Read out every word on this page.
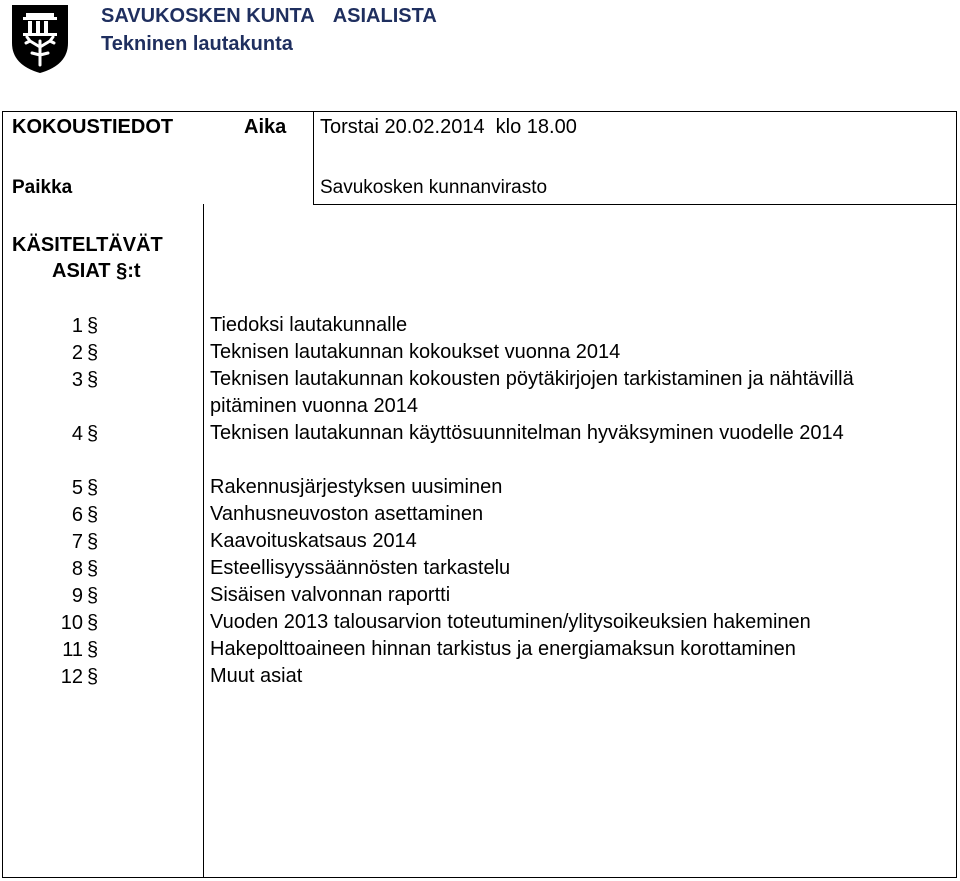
SAVUKOSKEN KUNTA ASIALISTA
Tekninen lautakunta
KOKOUSTIEDOT	Aika Torstai 20.02.2014  klo 18.00
Paikka	Savukosken kunnanvirasto
KÄSITELTÄVÄT
ASIAT §:t
1 §	Tiedoksi lautakunnalle
2 §	Teknisen lautakunnan kokoukset vuonna 2014
3 §	Teknisen lautakunnan kokousten pöytäkirjojen tarkistaminen ja nähtävillä pitäminen vuonna 2014
4 §	Teknisen lautakunnan käyttösuunnitelman hyväksyminen vuodelle 2014
5 §	Rakennusjärjestyksen uusiminen
6 §	Vanhusneuvoston asettaminen
7 §	Kaavoituskatsaus 2014
8 §	Esteellisyyssäännösten tarkastelu
9 §	Sisäisen valvonnan raportti
10 §	Vuoden 2013 talousarvion toteutuminen/ylitysoikeuksien hakeminen
11 §	Hakepolttoaineen hinnan tarkistus ja energiamaksun korottaminen
12 §	Muut asiat
